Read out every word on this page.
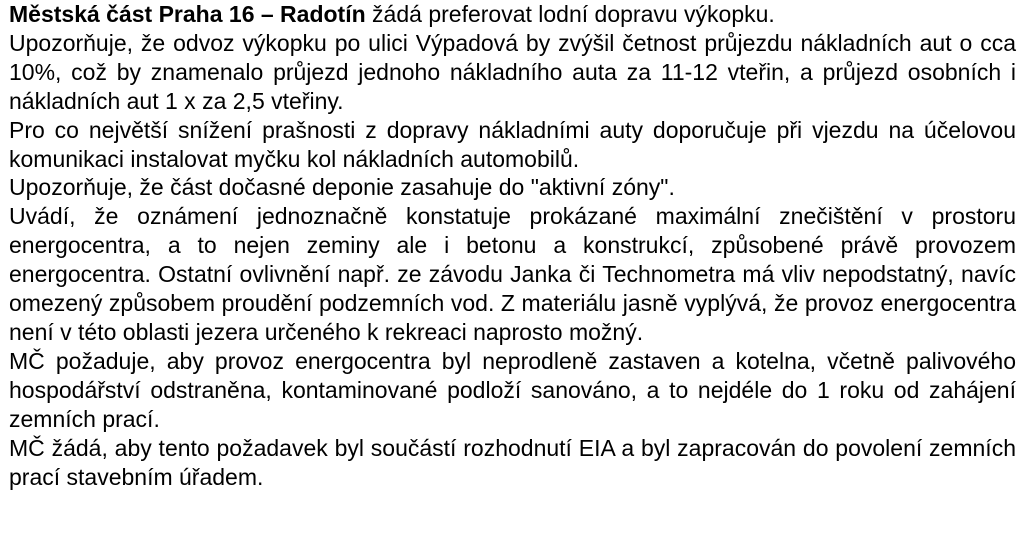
Městská část Praha 16 – Radotín žádá preferovat lodní dopravu výkopku.

Upozorňuje, že odvoz výkopku po ulici Výpadová by zvýšil četnost průjezdu nákladních aut o cca 10%, což by znamenalo průjezd jednoho nákladního auta za 11-12 vteřin, a průjezd osobních i nákladních aut 1 x za 2,5 vteřiny.

Pro co největší snížení prašnosti z dopravy nákladními auty doporučuje při vjezdu na účelovou komunikaci instalovat myčku kol nákladních automobilů.

Upozorňuje, že část dočasné deponie zasahuje do "aktivní zóny".

Uvádí, že oznámení jednoznačně konstatuje prokázané maximální znečištění v prostoru energocentra, a to nejen zeminy ale i betonu a konstrukcí, způsobené právě provozem energocentra. Ostatní ovlivnění např. ze závodu Janka či Technometra má vliv nepodstatný, navíc omezený způsobem proudění podzemních vod. Z materiálu jasně vyplývá, že provoz energocentra není v této oblasti jezera určeného k rekreaci naprosto možný.

MČ požaduje, aby provoz energocentra byl neprodleně zastaven a kotelna, včetně palivového hospodářství odstraněna, kontaminované podloží sanováno, a to nejdéle do 1 roku od zahájení zemních prací.

MČ žádá, aby tento požadavek byl součástí rozhodnutí EIA a byl zapracován do povolení zemních prací stavebním úřadem.
